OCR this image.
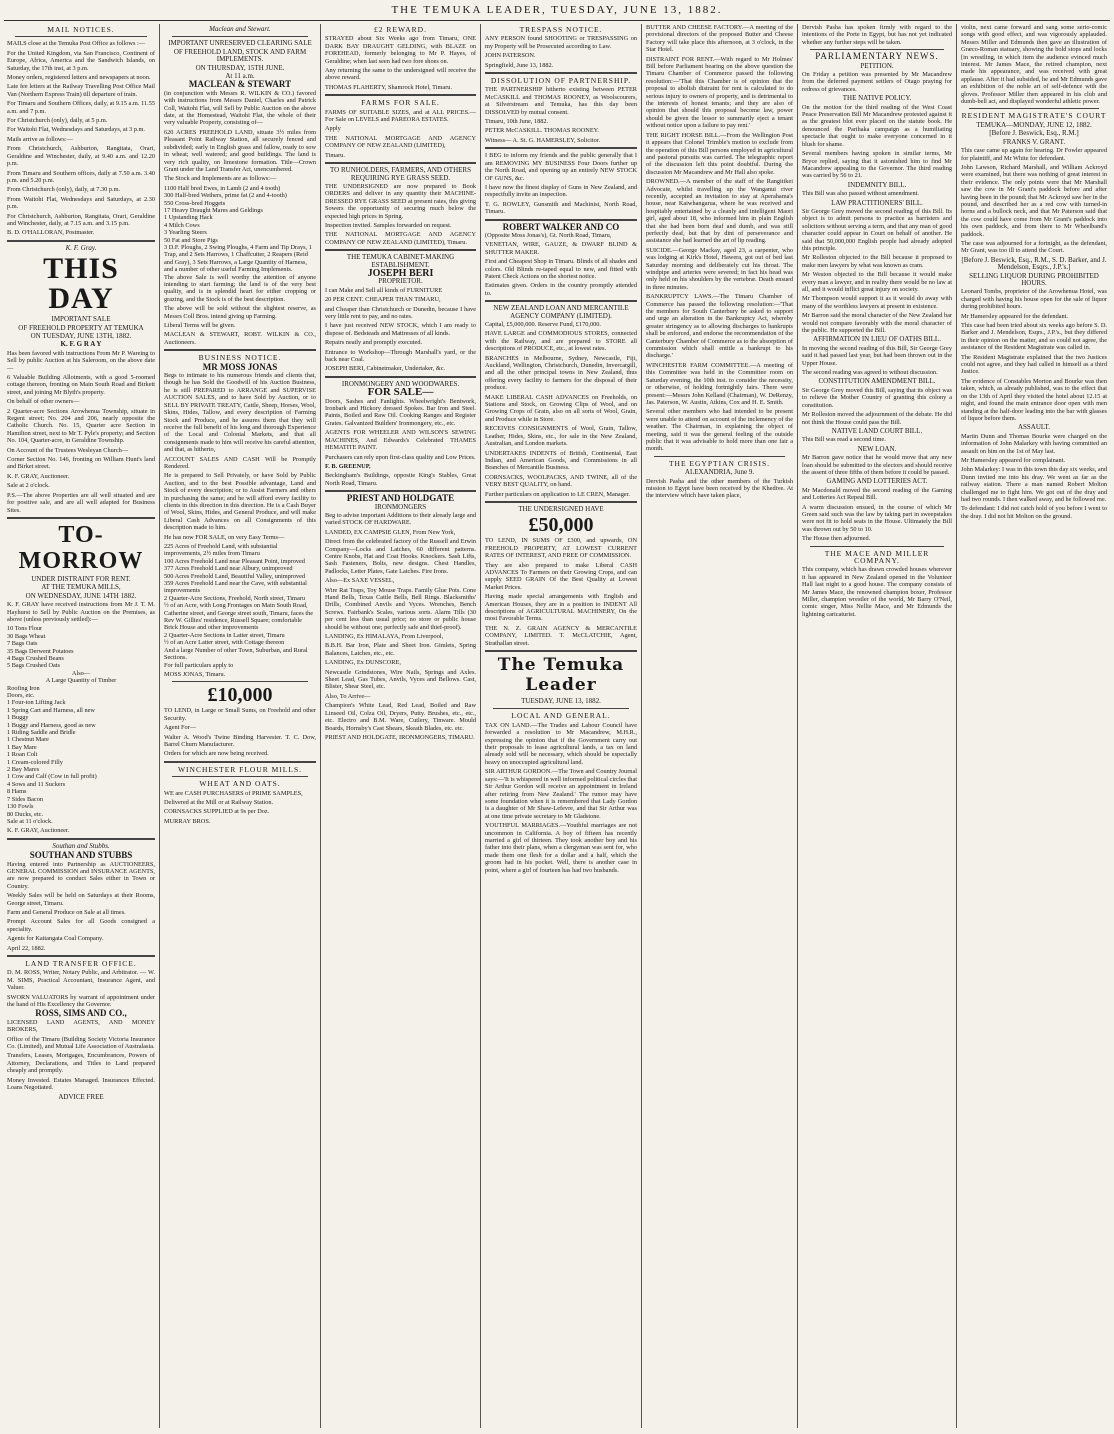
THE TEMUKA LEADER, TUESDAY, JUNE 13, 1882.
MAIL NOTICES.

MAILS close at the Temuka Post Office as follows :—

For the United Kingdom, via San Francisco, Continent of Europe, Africa, America and the Sandwich Islands, on Saturday, the 17th inst, at 3 p.m.

Money orders, registered letters and newspapers at noon.

Late fee letters at the Railway Travelling Post Office Mail Van (Northern Express Train) till departure of train.

For Timaru and Southern Offices, daily, at 9.15 a.m. 11.55 a.m. and 7 p.m.

For Christchurch (only), daily, at 5 p.m.

For Waitohi Flat, Wednesdays and Saturdays, at 3 p.m.

Mails arrive as follows:—

From Christchurch, Ashburton, Rangitata, Orari, Geraldine and Winchester, daily, at 9.40 a.m. and 12.20 p.m.

From Timaru and Southern offices, daily at 7.50 a.m. 3.40 p.m. and 5.20 p.m.

From Christchurch (only), daily, at 7.30 p.m.

From Waitohi Flat, Wednesdays and Saturdays, at 2.30 p.m.

For Christchurch, Ashburton, Rangitata, Orari, Geraldine and Winchester, daily, at 7.15 a.m. and 3.15 p.m.

B. D. O'HALLORAN, Postmaster.

K. F. Gray.
THIS DAY
IMPORTANT SALE
OF FREEHOLD PROPERTY AT TEMUKA
ON TUESDAY, JUNE 13TH, 1882.
K. F. G R A Y

Has been favored with instructions From Mr P. Wareing to Sell by public Auction at his Saleroom, on the above date—

6 Valuable Building Allotments, with a good 5-roomed cottage thereon, fronting on Main South Road and Birkett street, and joining Mr Blyth's property.

On behalf of other owners—

2 Quarter-acre Sections Arowhenua Township, situate in Regent street; No. 204 and 206, nearly opposite the Catholic Church. No. 15, Quarter acre Section in Hamilton street, next to Mr T. Pyle's property; and Section No. 104, Quarter-acre, in Geraldine Township.

On Account of the Trustees Wesleyan Church—

Corner Section No. 146, fronting on William Hunt's land and Birket street.

K. F. GRAY, Auctioneer.

Sale at 2 o'clock.

P.S.—The above Properties are all well situated and are for positive sale, and are all well adapted for Business Sites.

TO-MORROW
UNDER DISTRAINT FOR RENT.
AT THE TEMUKA MILLS,
ON WEDNESDAY, JUNE 14TH 1882.

K. F. GRAY have received instructions from Mr J. T. M. Hayhurst to Sell by Public Auction on the Premises, as above (unless previously settled):—

10 Tons Flour
30 Bags Wheat
7 Bags Oats
35 Bags Derwent Potatoes
4 Bags Crushed Beans
5 Bags Crushed Oats
Also—
A Large Quantity of Timber
Roofing Iron
Doors, etc.
1 Four-ton Lifting Jack
1 Spring Cart and Harness, all new
1 Buggy
1 Buggy and Harness, good as new
1 Riding Saddle and Bridle
1 Chestnut Mare
1 Bay Mare
1 Roan Colt
1 Cream-colored Filly
2 Bay Mares
1 Cow and Calf (Cow in full profit)
4 Sows and 11 Suckers
8 Hams
7 Sides Bacon
130 Fowls
80 Ducks, etc.

Sale at 11 o'clock.

K. F. GRAY, Auctioneer.

Southan and Stubbs.
SOUTHAN AND STUBBS

Having entered into Partnership as AUCTIONEERS, GENERAL COMMISSION and INSURANCE AGENTS, are now prepared to conduct Sales either in Town or Country.

Weekly Sales will be held on Saturdays at their Rooms, George street, Timaru.

Farm and General Produce on Sale at all times.

Prompt Account Sales for all Goods consigned a speciality.

Agents for Kaitangata Coal Company.

April 22, 1882.

LAND TRANSFER OFFICE.

D. M. ROSS, Writer, Notary Public, and Arbitrator. — W. M. SIMS, Practical Accountant, Insurance Agent, and Valuer.

SWORN VALUATORS by warrant of appointment under the hand of His Excellency the Governor.

ROSS, SIMS AND CO.,

LICENSED LAND AGENTS, AND MONEY BROKERS,

Office of the Timaru (Building Society Victoria Insurance Co. (Limited), and Mutual Life Association of Australasia.

Transfers, Leases, Mortgages, Encumbrances, Powers of Attorney, Declarations, and Titles to Land prepared cheaply and promptly.

Money Invested. Estates Managed. Insurances Effected. Loans Negotiated.

ADVICE FREE
Maclean and Stewart.
IMPORTANT UNRESERVED CLEARING SALE
OF FREEHOLD LAND, STOCK AND FARM IMPLEMENTS.
ON THURSDAY, 15TH JUNE.
At 11 a.m.
MACLEAN & STEWART

(in conjunction with Messrs R. WILKIN & CO.) favored with instructions from Messrs Daniel, Charles and Patrick Coll, Waitohi Flat, will Sell by Public Auction on the above date, at the Homestead, Waitohi Flat, the whole of their very valuable Property, consisting of—

620 ACRES FREEHOLD LAND, situate 3½ miles from Pleasant Point Railway Station, all securely fenced and subdivided; early in English grass and fallow, ready to sow in wheat; well watered; and good buildings. The land is very rich quality, on limestone formation. Title—Crown Grant under the Land Transfer Act, unencumbered.

The Stock and Implements are as follows:—

1100 Half bred Ewes, in Lamb (2 and 4 tooth)
300 Half-bred Wethers, prime fat (2 and 4-tooth)
550 Cross-bred Hoggets
17 Heavy Draught Mares and Geldings
1 Upstanding Hack
4 Milch Cows
3 Yearling Steers
50 Fat and Store Pigs
3 D.F. Ploughs, 2 Swing Ploughs, 4 Farm and Tip Drays, 1 Trap, and 2 Sets Harrows, 1 Chaffcutter, 2 Reapers (Reid and Gray), 3 Sets Harrows, a Large Quantity of Harness, and a number of other useful Farming Implements.

The above Sale is well worthy the attention of anyone intending to start farming; the land is of the very best quality, and is in splendid heart for either cropping or grazing, and the Stock is of the best description.

The above will be sold without the slightest reserve, as Messrs Coll Bros. intend giving up Farming.

Liberal Terms will be given.

MACLEAN & STEWART, ROBT. WILKIN & CO., Auctioneers.

BUSINESS NOTICE.
MR MOSS JONAS

Begs to intimate to his numerous friends and clients that, though he has Sold the Goodwill of his Auction Business, he is still PREPARED to ARRANGE and SUPERVISE AUCTION SALES, and to have Sold by Auction, or to SELL BY PRIVATE TREATY, Cattle, Sheep, Horses, Wool, Skins, Hides, Tallow, and every description of Farming Stock and Produce, and he assures them that they will receive the full benefit of his long and thorough Experience of the Local and Colonial Markets, and that all consignments made to him will receive his careful attention, and that, as hitherto,

ACCOUNT SALES AND CASH Will be Promptly Rendered.

He is prepared to Sell Privately, or have Sold by Public Auction, and to the best Possible advantage, Land and Stock of every description; or to Assist Farmers and others in purchasing the same; and he will afford every facility to clients in this direction in this direction. He is a Cash Buyer of Wool, Skins, Hides, and General Produce, and will make Liberal Cash Advances on all Consignments of this description made to him.

He has now FOR SALE, on very Easy Terms—

225 Acres of Freehold Land, with substantial improvements, 2½ miles from Timaru
100 Acres Freehold Land near Pleasant Point, improved
377 Acres Freehold Land near Albury, unimproved
500 Acres Freehold Land, Beautiful Valley, unimproved
359 Acres Freehold Land near the Cave, with substantial improvements
2 Quarter-Acre Sections, Freehold, North street, Timaru
½ of an Acre, with Long Frontages on Main South Road, Catherine street, and George street south, Timaru, faces the Rev W. Gillies' residence, Russell Square; comfortable Brick House and other improvements
2 Quarter-Acre Sections in Latter street, Timaru
½ of an Acre Latter street, with Cottage thereon
And a large Number of other Town, Suburban, and Rural Sections.

For full particulars apply to

MOSS JONAS, Timaru.

£10,000

TO LEND, in Large or Small Sums, on Freehold and other Security.

Agent For—

Walter A. Wood's Twine Binding Harvester. T. C. Dow, Barrel Churn Manufacturer.

Orders for which are now being received.

WINCHESTER FLOUR MILLS.
WHEAT AND OATS.

WE are CASH PURCHASERS of PRIME SAMPLES,

Delivered at the Mill or at Railway Station.

CORNSACKS SUPPLIED at 9s per Doz.

MURRAY BROS.

£2 REWARD.

STRAYED about Six Weeks ago from Timaru, ONE DARK BAY DRAUGHT GELDING, with BLAZE on FOREHEAD, formerly belonging to Mr P. Hayes, of Geraldine; when last seen had two fore shoes on.

Any returning the same to the undersigned will receive the above reward.

THOMAS FLAHERTY, Shamrock Hotel, Timaru.

FARMS FOR SALE.

FARMS OF SUITABLE SIZES, and at ALL PRICES.—For Sale on LEVELS and PAREORA ESTATES.

Apply

THE NATIONAL MORTGAGE AND AGENCY COMPANY OF NEW ZEALAND (LIMITED),

Timaru.

TO RUNHOLDERS, FARMERS, AND OTHERS REQUIRING RYE GRASS SEED.

THE UNDERSIGNED are now prepared to Book ORDERS and deliver in any quantity their MACHINE-DRESSED RYE GRASS SEED at present rates, this giving Sowers the opportunity of securing much below the expected high prices in Spring.

Inspection invited. Samples forwarded on request.

THE NATIONAL MORTGAGE AND AGENCY COMPANY OF NEW ZEALAND (LIMITED), Timaru.

THE TEMUKA CABINET-MAKING ESTABLISHMENT.
JOSEPH BERI
PROPRIETOR.

I can Make and Sell all kinds of FURNITURE

20 PER CENT. CHEAPER THAN TIMARU,

and Cheaper than Christchurch or Dunedin, because I have very little rent to pay, and no rates.

I have just received NEW STOCK, which I am ready to dispose of. Bedsteads and Mattresses of all kinds.

Repairs neatly and promptly executed.

Entrance to Workshop—Through Marshall's yard, or the back near Coal.

JOSEPH BERI, Cabinetmaker, Undertaker, &c.

IRONMONGERY AND WOODWARES.
FOR SALE—

Doors, Sashes and Fanlights. Wheelwright's Bentwork, Ironbark and Hickory dressed Spokes. Bar Iron and Steel. Paints, Boiled and Raw Oil. Cooking Ranges and Register Grates. Galvanized Builders' Ironmongery, etc., etc.

AGENTS FOR WHEELER AND WILSON'S SEWING MACHINES, And Edwards's Celebrated THAMES HEMATITE PAINT.

Purchasers can rely upon first-class quality and Low Prices.

F. B. GREENUP,

Beckingham's Buildings, opposite King's Stables, Great North Road, Timaru.

PRIEST AND HOLDGATE
IRONMONGERS

Beg to advise important Additions to their already large and varied STOCK OF HARDWARE.

LANDED, EX CAMPSIE GLEN, From New York,

Direct from the celebrated factory of the Russell and Erwin Company—Locks and Latches, 60 different patterns. Centre Knobs, Hat and Coat Hooks. Knockers. Sash Lifts, Sash Fasteners, Bolts, new designs. Chest Handles, Padlocks, Letter Plates, Gate Latches. Fire Irons.

Also—Ex SAXE VESSEL,

Wire Rat Traps, Toy Mouse Traps. Family Glue Pots. Cone Hand Bells, Texas Cattle Bells, Bell Rings. Blacksmiths' Drills, Combined Anvils and Vyces. Wrenches, Bench Screws. Fairbank's Scales, various sorts. Alarm Tills (30 per cent less than usual price; no store or public house should be without one; perfectly safe and thief-proof).

LANDING, Ex HIMALAYA, From Liverpool,

B.B.H. Bar Iron, Plate and Sheet Iron. Gimlets, Spring Balances, Latches, etc., etc.

LANDING, Ex DUNSCORE,

Newcastle Grindstones, Wire Nails, Springs and Axles. Sheet Lead, Gas Tubes, Anvils, Vyces and Bellows. Cast, Blister, Shear Steel, etc.

Also, To Arrive—

Champion's White Lead, Red Lead, Boiled and Raw Linseed Oil, Colza Oil, Dryers, Putty. Brushes, etc., etc., etc. Electro and B.M. Ware, Cutlery, Tinware. Mould Boards, Hornsby's Cast Shears, Skeath Blades, etc. etc.

PRIEST AND HOLDGATE, IRONMONGERS, TIMARU.

TRESPASS NOTICE.

ANY PERSON found SHOOTING or TRESPASSING on my Property will be Prosecuted according to Law.

JOHN PATERSON.

Springfield, June 13, 1882.

DISSOLUTION OF PARTNERSHIP.

THE PARTNERSHIP hitherto existing between PETER McCASKILL and THOMAS ROONEY, as Woolscourers, at Silverstream and Temuka, has this day been DISSOLVED by mutual consent.

Timaru, 10th June, 1882.

PETER McCASKILL. THOMAS ROONEY.

Witness— A. St. G. HAMERSLEY, Solicitor.

I BEG to inform my friends and the public generally that I am REMOVING MY BUSINESS Four Doors further up the North Road, and opening up an entirely NEW STOCK OF GUNS, &c.

I have now the finest display of Guns in New Zealand, and respectfully invite an inspection.

T. G. ROWLEY, Gunsmith and Machinist, North Road, Timaru.

ROBERT WALKER AND CO

(Opposite Moss Jonas's), Gt. North Road, Timaru,

VENETIAN, WIRE, GAUZE, & DWARF BLIND & SHUTTER MAKER.

First and Cheapest Shop in Timaru. Blinds of all shades and colors. Old Blinds re-taped equal to new, and fitted with Patent Check Actions on the shortest notice.

Estimates given. Orders in the country promptly attended to.

NEW ZEALAND LOAN AND MERCANTILE AGENCY COMPANY (LIMITED).

Capital, £5,000,000. Reserve Fund, £170,000.

HAVE LARGE and COMMODIOUS STORES, connected with the Railway, and are prepared to STORE all descriptions of PRODUCE, etc., at lowest rates.

BRANCHES in Melbourne, Sydney, Newcastle, Fiji, Auckland, Wellington, Christchurch, Dunedin, Invercargill, and all the other principal towns in New Zealand, thus offering every facility to farmers for the disposal of their produce.

MAKE LIBERAL CASH ADVANCES on Freeholds, on Stations and Stock, on Growing Clips of Wool, and on Growing Crops of Grain, also on all sorts of Wool, Grain, and Produce while in Store.

RECEIVES CONSIGNMENTS of Wool, Grain, Tallow, Leather, Hides, Skins, etc., for sale in the New Zealand, Australian, and London markets.

UNDERTAKES INDENTS of British, Continental, East Indian, and American Goods, and Commissions in all Branches of Mercantile Business.

CORNSACKS, WOOLPACKS, AND TWINE, all of the VERY BEST QUALITY, on hand.

Further particulars on application to LE CREN, Manager.

THE UNDERSIGNED HAVE
£50,000

TO LEND, IN SUMS OF £300, and upwards, ON FREEHOLD PROPERTY, AT LOWEST CURRENT RATES OF INTEREST, AND FREE OF COMMISSION.

They are also prepared to make Liberal CASH ADVANCES To Farmers on their Growing Crops, and can supply SEED GRAIN Of the Best Quality at Lowest Market Prices.

Having made special arrangements with English and American Houses, they are in a position to INDENT All descriptions of AGRICULTURAL MACHINERY, On the most Favorable Terms.

THE N. Z. GRAIN AGENCY & MERCANTILE COMPANY, LIMITED. T. McCLATCHIE, Agent, Strathallan street.

The Temuka Leader
TUESDAY, JUNE 13, 1882.
LOCAL AND GENERAL.

TAX ON LAND.—The Trades and Labour Council have forwarded a resolution to Mr Macandrew, M.H.R., expressing the opinion that if the Government carry out their proposals to lease agricultural lands, a tax on land already sold will be necessary, which should be especially heavy on unoccupied agricultural land.

SIR ARTHUR GORDON.—The Town and Country Journal says:—'It is whispered in well informed political circles that Sir Arthur Gordon will receive an appointment in Ireland after retiring from New Zealand.' The rumor may have some foundation when it is remembered that Lady Gordon is a daughter of Mr Shaw-Lefevre, and that Sir Arthur was at one time private secretary to Mr Gladstone.

YOUTHFUL MARRIAGES.—Youthful marriages are not uncommon in California. A boy of fifteen has recently married a girl of thirteen. They took another boy and his father into their plans, when a clergyman was sent for, who made them one flesh for a dollar and a half, which the groom had in his pocket. Well, there is another case in point, where a girl of fourteen has had two husbands.

BUTTER AND CHEESE FACTORY.—A meeting of the provisional directors of the proposed Butter and Cheese Factory will take place this afternoon, at 3 o'clock, in the Star Hotel.

DISTRAINT FOR RENT.—With regard to Mr Holmes' Bill before Parliament bearing on the above question the Timaru Chamber of Commerce passed the following resolution:—'That this Chamber is of opinion that the proposal to abolish distraint for rent is calculated to do serious injury to owners of property, and is detrimental to the interests of honest tenants; and they are also of opinion that should this proposal become law, power should be given the lessor to summarily eject a tenant without notice upon a failure to pay rent.'

THE RIGHT HORSE BILL.—From the Wellington Post it appears that Colonel Trimble's motion to exclude from the operation of this Bill persons employed in agricultural and pastoral pursuits was carried. The telegraphic report of the discussion left this point doubtful. During the discussion Mr Macandrew and Mr Hall also spoke.

DROWNED.—A member of the staff of the Rangitikei Advocate, whilst travelling up the Wanganui river recently, accepted an invitation to stay at Aperahama's house, near Kaiwhangarua, where he was received and hospitably entertained by a cleanly and intelligent Maori girl, aged about 18, who informed him in plain English that she had been born deaf and dumb, and was still perfectly deaf, but that by dint of perseverance and assistance she had learned the art of lip reading.

SUICIDE.—George Mackay, aged 23, a carpenter, who was lodging at Kirk's Hotel, Hawera, got out of bed last Saturday morning and deliberately cut his throat. The windpipe and arteries were severed; in fact his head was only held on his shoulders by the vertebræ. Death ensued in three minutes.

BANKRUPTCY LAWS.—The Timaru Chamber of Commerce has passed the following resolution:—'That the members for South Canterbury be asked to support and urge an alteration in the Bankruptcy Act, whereby greater stringency as to allowing discharges to bankrupts shall be enforced, and endorse the recommendation of the Canterbury Chamber of Commerce as to the absorption of commission which shall entitle a bankrupt to his discharge.'

WINCHESTER FARM COMMITTEE.—A meeting of this Committee was held in the Committee room on Saturday evening, the 10th inst. to consider the necessity, or otherwise, of holding fortnightly fairs. There were present:—Messrs John Kelland (Chairman), W. DeRenzy, Jas. Paterson, W. Austin, Atkins, Cox and H. E. Smith.

Several other members who had intended to be present were unable to attend on account of the inclemency of the weather. The Chairman, in explaining the object of meeting, said it was the general feeling of the outside public that it was advisable to hold more than one fair a month.

THE EGYPTIAN CRISIS.
ALEXANDRIA, June 9.

Dervish Pasha and the other members of the Turkish mission to Egypt have been received by the Khedive. At the interview which have taken place,

Dervish Pasha has spoken firmly with regard to the intentions of the Porte in Egypt, but has not yet indicated whether any further steps will be taken.

PARLIAMENTARY NEWS.
PETITION.

On Friday a petition was presented by Mr Macandrew from the deferred payment settlers of Otago praying for redress of grievances.

THE NATIVE POLICY.

On the motion for the third reading of the West Coast Peace Preservation Bill Mr Macandrew protested against it as the greatest blot ever placed on the statute book. He denounced the Parihaka campaign as a humiliating spectacle that ought to make everyone concerned in it blush for shame.

Several members having spoken in similar terms, Mr Bryce replied, saying that it astonished him to find Mr Macandrew appealing to the Governor. The third reading was carried by 56 to 21.

INDEMNITY BILL.

This Bill was also passed without amendment.

LAW PRACTITIONERS' BILL.

Sir George Grey moved the second reading of this Bill. Its object is to admit persons to practice as barristers and solicitors without serving a term, and that any man of good character could appear in Court on behalf of another. He said that 50,000,000 English people had already adopted this principle.

Mr Rolleston objected to the Bill because it proposed to make men lawyers by what was known as cram.

Mr Weston objected to the Bill because it would make every man a lawyer, and in reality there would be no law at all, and it would inflict great injury on society.

Mr Thompson would support it as it would do away with many of the worthless lawyers at present in existence.

Mr Barron said the moral character of the New Zealand bar would not compare favorably with the moral character of the public. He supported the Bill.

AFFIRMATION IN LIEU OF OATHS BILL.

In moving the second reading of this Bill, Sir George Grey said it had passed last year, but had been thrown out in the Upper House.

The second reading was agreed to without discussion.

CONSTITUTION AMENDMENT BILL.

Sir George Grey moved this Bill, saying that its object was to relieve the Mother Country of granting this colony a constitution.

Mr Rolleston moved the adjournment of the debate. He did not think the House could pass the Bill.

NATIVE LAND COURT BILL.

This Bill was read a second time.

NEW LOAN.

Mr Barron gave notice that he would move that any new loan should be submitted to the electors and should receive the assent of three fifths of them before it could be passed.

GAMING AND LOTTERIES ACT.

Mr Macdonald moved the second reading of the Gaming and Lotteries Act Repeal Bill.

A warm discussion ensued, in the course of which Mr Green said such was the law by taking part in sweepstakes were not fit to hold seats in the House. Ultimately the Bill was thrown out by 50 to 10.

The House then adjourned.

THE MACE AND MILLER COMPANY.

This company, which has drawn crowded houses wherever it has appeared in New Zealand opened in the Volunteer Hall last night to a good house. The company consists of Mr James Mace, the renowned champion boxer, Professor Miller, champion wrestler of the world, Mr Barry O'Neil, comic singer, Miss Nellie Mace, and Mr Edmunds the lightning caricaturist.

violin, next came forward and sang some serio-comic songs with good effect, and was vigorously applauded. Messrs Miller and Edmunds then gave an illustration of Græco-Roman statuary, showing the bold stops and locks [in wrestling, in which item the audience evinced much interest. Mr James Mace, the retired champion, next made his appearance, and was received with great applause. After it had subsided, he and Mr Edmunds gave an exhibition of the noble art of self-defence with the gloves. Professor Miller then appeared in his club and dumb-bell act, and displayed wonderful athletic power.

RESIDENT MAGISTRATE'S COURT
TEMUKA—MONDAY, JUNE 12, 1882.
[Before J. Beswick, Esq., R.M.]
FRANKS V. GRANT.

This case came up again for hearing. Dr Fowler appeared for plaintiff, and Mr White for defendant.

John Lawson, Richard Marshall, and William Ackroyd were examined, but there was nothing of great interest in their evidence. The only points were that Mr Marshall saw the cow in Mr Grant's paddock before and after having been in the pound; that Mr Ackroyd saw her in the pound, and described her as a red cow with turned-in horns and a bullock neck, and that Mr Paterson said that the cow could have come from Mr Grant's paddock into his own paddock, and from there to Mr Wheelband's paddock.

The case was adjourned for a fortnight, as the defendant, Mr Grant, was too ill to attend the Court.

[Before J. Beswick, Esq., R.M., S. D. Barker, and J. Mendelson, Esqrs., J.P.'s.]
SELLING LIQUOR DURING PROHIBITED HOURS.

Leonard Tombs, proprietor of the Arowhenua Hotel, was charged with having his house open for the sale of liquor during prohibited hours.

Mr Hamersley appeared for the defendant.

This case had been tried about six weeks ago before S. D. Barker and J. Mendelson, Esqrs., J.P.'s., but they differed in their opinion on the matter, and so could not agree, the assistance of the Resident Magistrate was called in.

The Resident Magistrate explained that the two Justices could not agree, and they had called in himself as a third Justice.

The evidence of Constables Morton and Bourke was then taken, which, as already published, was to the effect that on the 13th of April they visited the hotel about 12.15 at night, and found the main entrance door open with men standing at the half-door leading into the bar with glasses of liquor before them.

ASSAULT.

Martin Dunn and Thomas Bourke were charged on the information of John Malarkey with having committed an assault on him on the 1st of May last.

Mr Hamersley appeared for complainant.

John Malarkey: I was in this town this day six weeks, and Dunn invited me into his dray. We went as far as the railway station. There a man named Robert Molton challenged me to fight him. We got out of the dray and had two rounds. I then walked away, and he followed me.

To defendant: I did not catch hold of you before I went to the dray. I did not hit Molton on the ground.
